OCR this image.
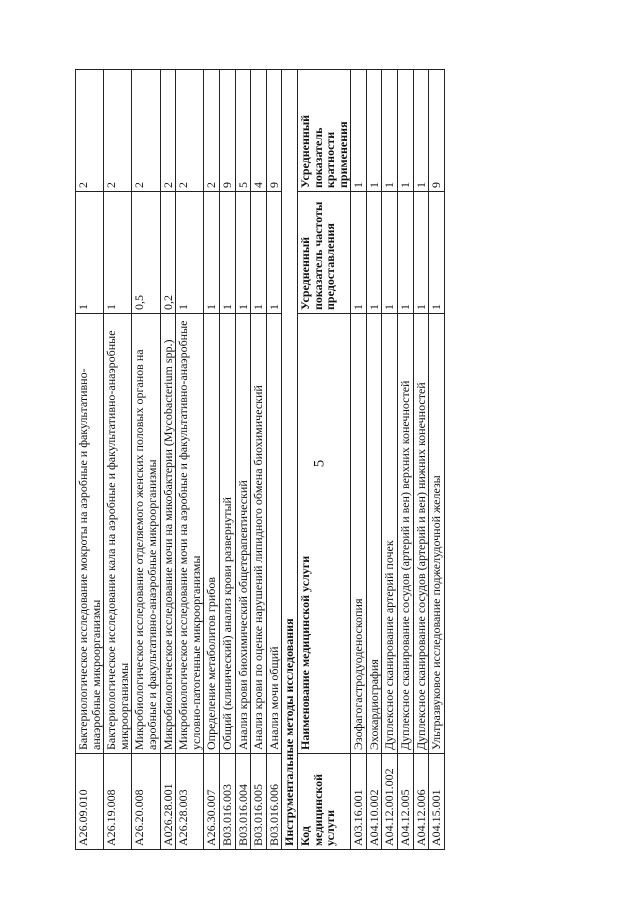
5
A26.09.010	Бактериологическое исследование мокроты на аэробные и факультативно-анаэробные микроорганизмы	1	2
A26.19.008	Бактериологическое исследование кала на аэробные и факультативно-анаэробные микроорганизмы	1	2
A26.20.008	Микробиологическое исследование отделяемого женских половых органов на аэробные и факультативно-анаэробные микроорганизмы	0,5	2
A026.28.001	Микробиологическое исследование мочи на микобактерии (Mycobacterium spp.)	0,2	2
A26.28.003	Микробиологическое исследование мочи на аэробные и факультативно-анаэробные условно-патогенные микроорганизмы	1	2
A26.30.007	Определение метаболитов грибов	1	2
B03.016.003	Общий (клинический) анализ крови развернутый	1	9
B03.016.004	Анализ крови биохимический общетерапевтический	1	5
B03.016.005	Анализ крови по оценке нарушений липидного обмена биохимический	1	4
B03.016.006	Анализ мочи общий	1	9
Инструментальные методы исследования			
Код медицинской услуги	Наименование медицинской услуги	Усредненный показатель частоты предоставления	Усредненный показатель кратности применения
A03.16.001	Эзофагогастродуоденоскопия	1	1
A04.10.002	Эхокардиография	1	1
A04.12.001.002	Дуплексное сканирование артерий почек	1	1
A04.12.005	Дуплексное сканирование сосудов (артерий и вен) верхних конечностей	1	1
A04.12.006	Дуплексное сканирование сосудов (артерий и вен) нижних конечностей	1	1
A04.15.001	Ультразвуковое исследование поджелудочной железы	1	9
